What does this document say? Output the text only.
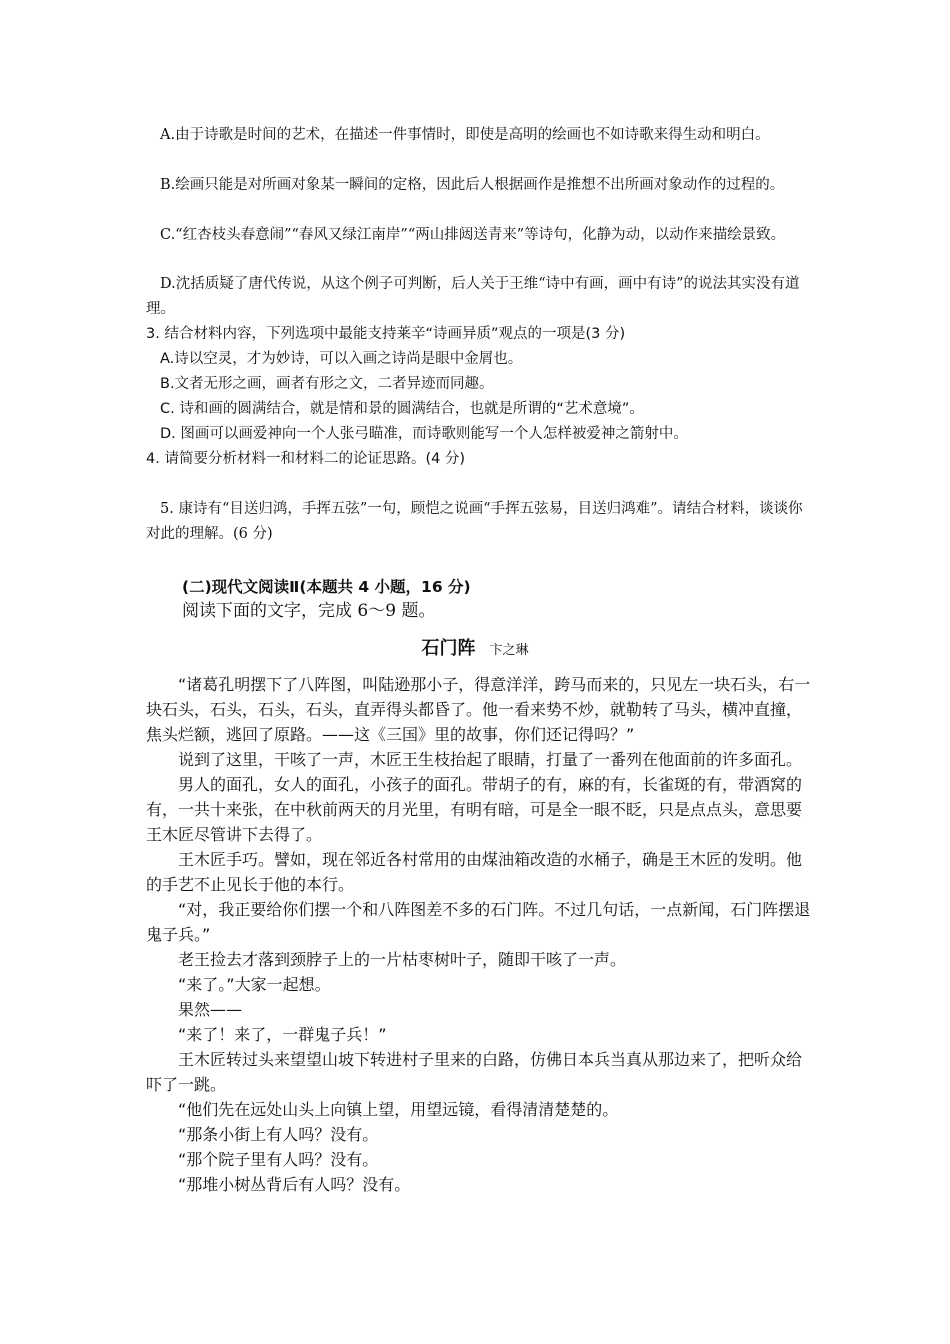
A.由于诗歌是时间的艺术，在描述一件事情时，即使是高明的绘画也不如诗歌来得生动和明白。
B.绘画只能是对所画对象某一瞬间的定格，因此后人根据画作是推想不出所画对象动作的过程的。
C.“红杏枝头春意闹”“春风又绿江南岸”“两山排闼送青来”等诗句，化静为动，以动作来描绘景致。
D.沈括质疑了唐代传说，从这个例子可判断，后人关于王维“诗中有画，画中有诗”的说法其实没有道理。
3. 结合材料内容，下列选项中最能支持莱辛“诗画异质”观点的一项是(3 分)
A.诗以空灵，才为妙诗，可以入画之诗尚是眼中金屑也。
B.文者无形之画，画者有形之文，二者异迹而同趣。
C. 诗和画的圆满结合，就是情和景的圆满结合，也就是所谓的“艺术意境”。
D. 图画可以画爱神向一个人张弓瞄准，而诗歌则能写一个人怎样被爱神之箭射中。
4. 请简要分析材料一和材料二的论证思路。(4 分)
5. 康诗有“目送归鸿，手挥五弦”一句，顾恺之说画“手挥五弦易，目送归鸿难”。请结合材料，谈谈你对此的理解。(6 分)
(二)现代文阅读Ⅱ(本题共 4 小题，16 分)
阅读下面的文字，完成 6～9 题。
石门阵 卞之琳

“诸葛孔明摆下了八阵图，叫陆逊那小子，得意洋洋，跨马而来的，只见左一块石头，右一块石头，石头，石头，石头，直弄得头都昏了。他一看来势不炒，就勒转了马头，横冲直撞，焦头烂额，逃回了原路。——这《三国》里的故事，你们还记得吗？”

说到了这里，干咳了一声，木匠王生枝抬起了眼睛，打量了一番列在他面前的许多面孔。

男人的面孔，女人的面孔，小孩子的面孔。带胡子的有，麻的有，长雀斑的有，带酒窝的有，一共十来张，在中秋前两天的月光里，有明有暗，可是全一眼不眨，只是点点头，意思要王木匠尽管讲下去得了。

王木匠手巧。譬如，现在邻近各村常用的由煤油箱改造的水桶子，确是王木匠的发明。他的手艺不止见长于他的本行。

“对，我正要给你们摆一个和八阵图差不多的石门阵。不过几句话，一点新闻，石门阵摆退鬼子兵。”

老王捡去才落到颈脖子上的一片枯枣树叶子，随即干咳了一声。

“来了。”大家一起想。

果然——

“来了！来了，一群鬼子兵！”

王木匠转过头来望望山坡下转进村子里来的白路，仿佛日本兵当真从那边来了，把听众给吓了一跳。

“他们先在远处山头上向镇上望，用望远镜，看得清清楚楚的。

“那条小街上有人吗？没有。

“那个院子里有人吗？没有。

“那堆小树丛背后有人吗？没有。
